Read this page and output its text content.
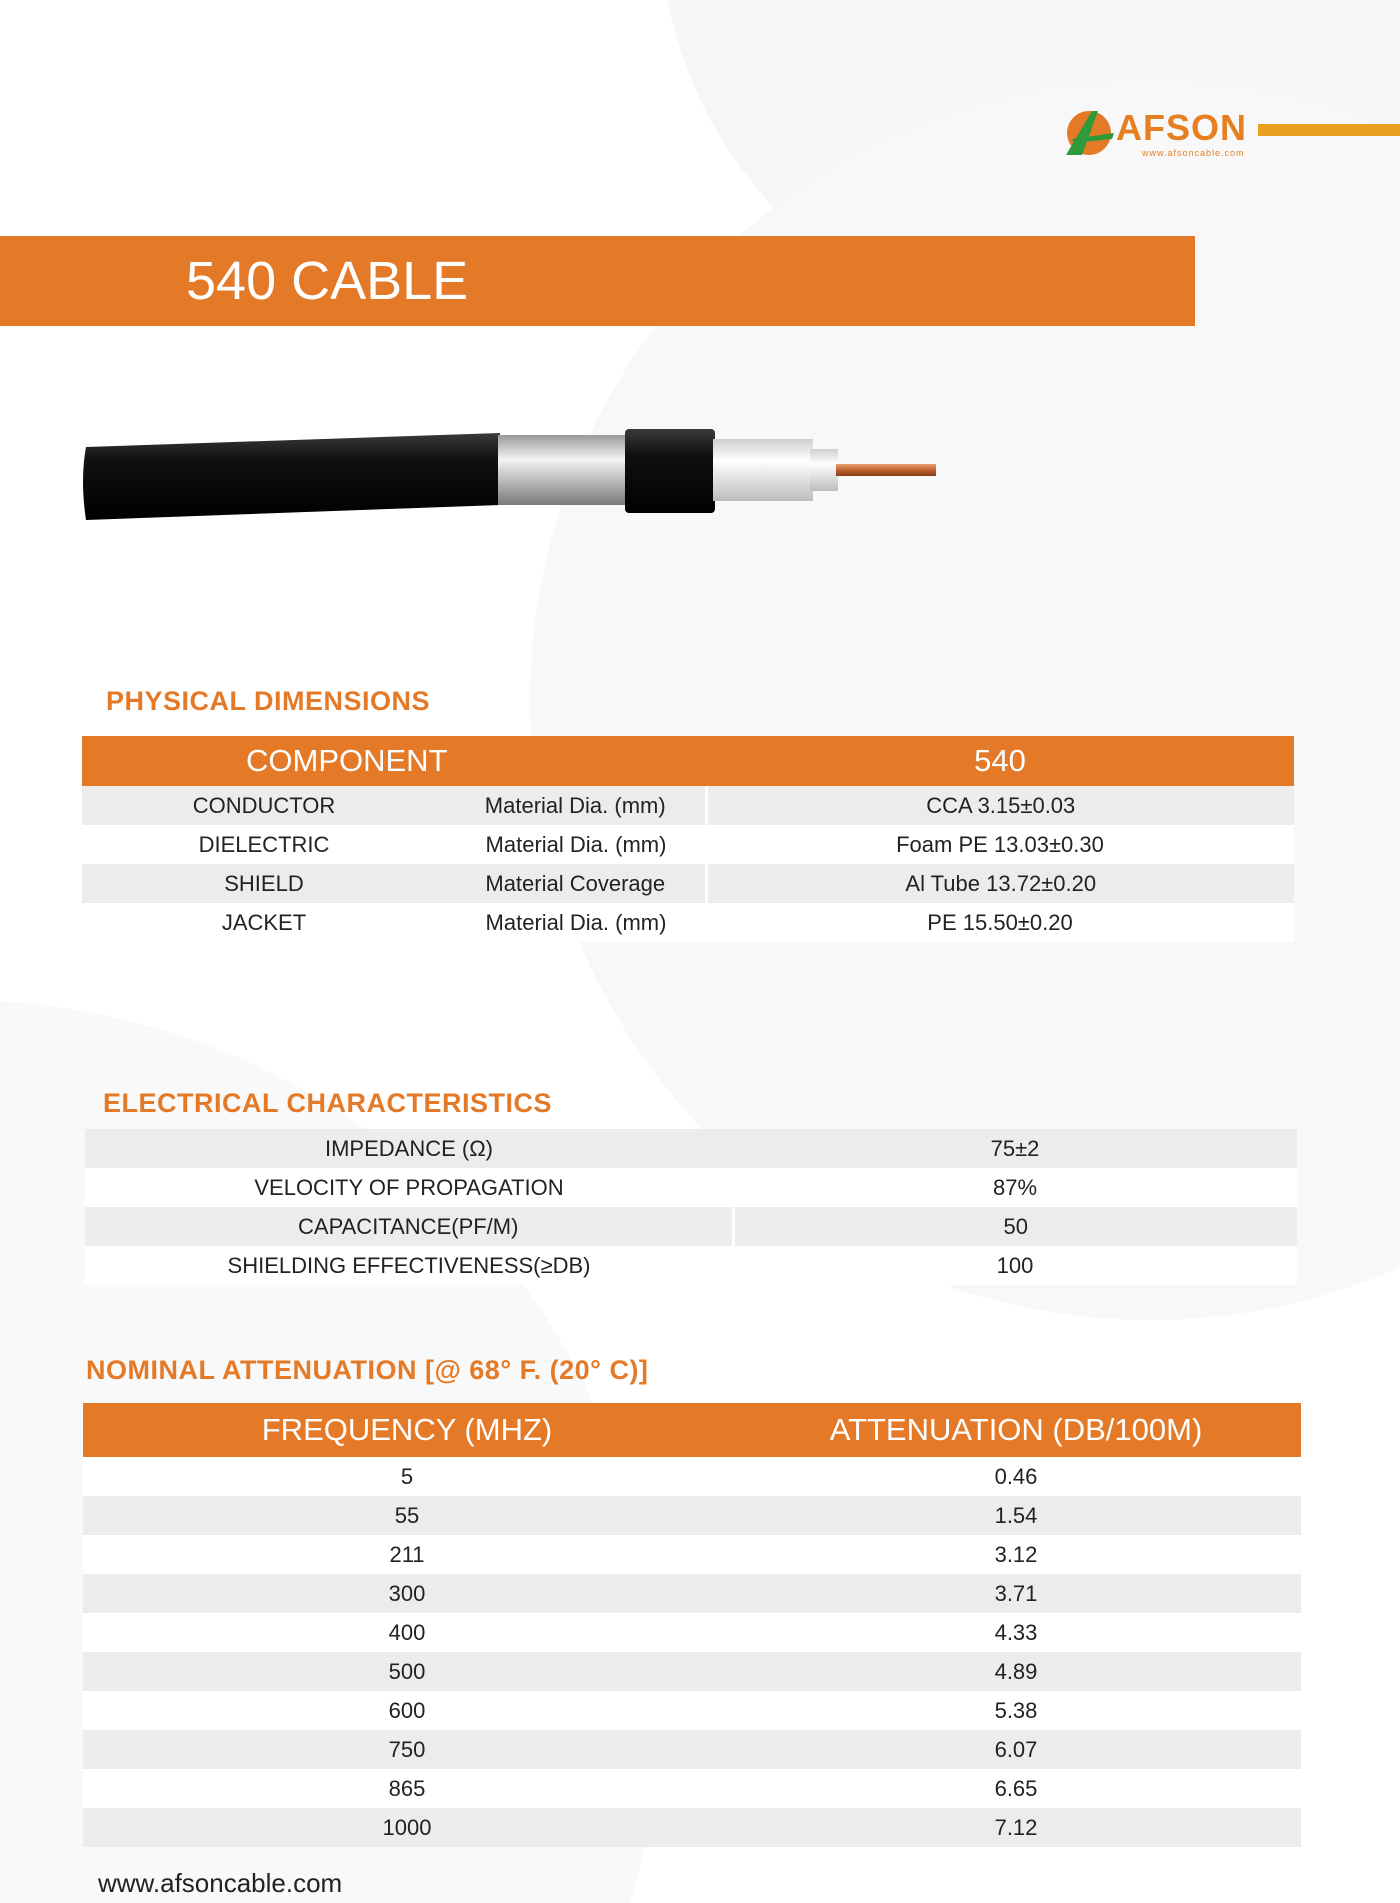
AFSON
www.afsoncable.com
540 CABLE
PHYSICAL DIMENSIONS
COMPONENT		540
CONDUCTOR	Material Dia. (mm)	CCA 3.15±0.03
DIELECTRIC	Material Dia. (mm)	Foam PE 13.03±0.30
SHIELD	Material Coverage	Al Tube 13.72±0.20
JACKET	Material Dia. (mm)	PE 15.50±0.20
ELECTRICAL CHARACTERISTICS
IMPEDANCE (Ω)	75±2
VELOCITY OF PROPAGATION	87%
CAPACITANCE(PF/M)	50
SHIELDING EFFECTIVENESS(≥DB)	100
NOMINAL ATTENUATION [@ 68° F. (20° C)]
FREQUENCY (MHZ)	ATTENUATION (DB/100M)
5	0.46
55	1.54
211	3.12
300	3.71
400	4.33
500	4.89
600	5.38
750	6.07
865	6.65
1000	7.12
www.afsoncable.com
